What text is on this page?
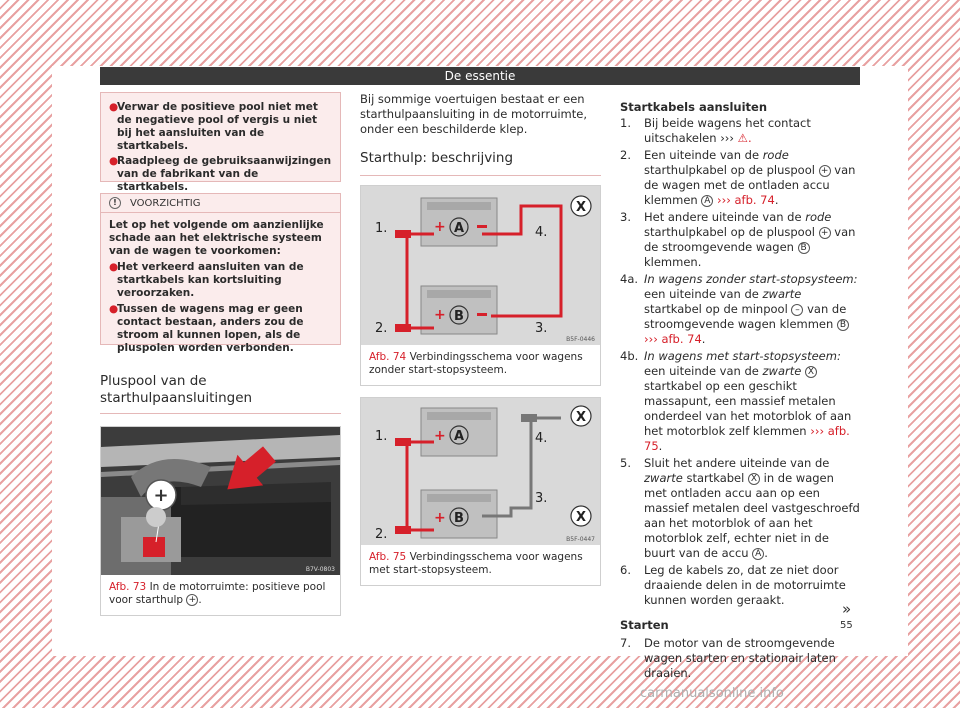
De essentie

●
Verwar de positieve pool niet met de negatieve pool of vergis u niet bij het aansluiten van de startkabels.

●
Raadpleeg de gebruiksaanwijzingen van de fabrikant van de startkabels.

!	VOORZICHTIG

Let op het volgende om aanzienlijke schade aan het elektrische systeem van de wagen te voorkomen:

●
Het verkeerd aansluiten van de startkabels kan kortsluiting veroorzaken.

●
Tussen de wagens mag er geen contact bestaan, anders zou de stroom al kunnen lopen, als de pluspolen worden verbonden.

Pluspool van de starthulpaansluitingen
+
B7V-0803
Afb. 73 In de motorruimte: positieve pool voor starthulp + .

Bij sommige voertuigen bestaat er een starthulpaansluiting in de motorruimte, onder een beschilderde klep.

Starthulp: beschrijving
A
+
B
+
1.
2.
4.
3.
X
B5F-0446
Afb. 74 Verbindingsschema voor wagens zonder start-stopsysteem.
A
+
B
+
1.
2.
4.
3.
X
X
B5F-0447
Afb. 75 Verbindingsschema voor wagens met start-stopsysteem.
Startkabels aansluiten
1. Bij beide wagens het contact uitschakelen ››› ⚠.
2. Een uiteinde van de rode starthulpkabel op de pluspool + van de wagen met de ontladen accu klemmen A ››› afb. 74.
3. Het andere uiteinde van de rode starthulpkabel op de pluspool + van de stroomgevende wagen B klemmen.
4a. In wagens zonder start-stopsysteem: een uiteinde van de zwarte startkabel op de minpool – van de stroomgevende wagen klemmen B ››› afb. 74.
4b. In wagens met start-stopsysteem: een uiteinde van de zwarte X startkabel op een geschikt massapunt, een massief metalen onderdeel van het motorblok of aan het motorblok zelf klemmen ››› afb. 75.
5. Sluit het andere uiteinde van de zwarte startkabel X in de wagen met ontladen accu aan op een massief metalen deel vastgeschroefd aan het motorblok of aan het motorblok zelf, echter niet in de buurt van de accu A .
6. Leg de kabels zo, dat ze niet door draaiende delen in de motorruimte kunnen worden geraakt.
Starten
7. De motor van de stroomgevende wagen starten en stationair laten draaien.
»
55
carmanualsonline.info
